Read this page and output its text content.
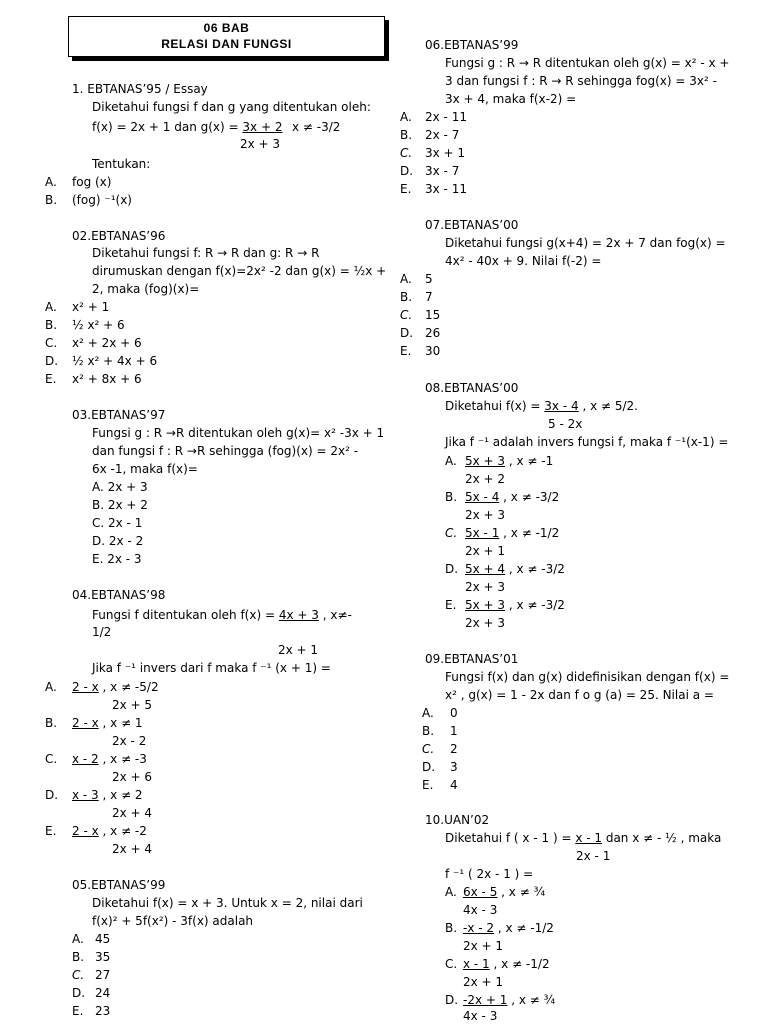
06 BAB
RELASI DAN FUNGSI
1. EBTANAS’95 / Essay
Diketahui fungsi f dan g yang ditentukan oleh:
f(x) = 2x + 1 dan g(x) = 3x + 2 x ≠ -3/2
2x + 3
Tentukan:
A. fog (x)
B. (fog) ⁻¹(x)
02.EBTANAS’96
Diketahui fungsi f: R → R dan g: R → R
dirumuskan dengan f(x)=2x² -2 dan g(x) = ½x +
2, maka (fog)(x)=
A. x² + 1
B. ½ x² + 6
C. x² + 2x + 6
D. ½ x² + 4x + 6
E. x² + 8x + 6
03.EBTANAS’97
Fungsi g : R →R ditentukan oleh g(x)= x² -3x + 1
dan fungsi f : R →R sehingga (fog)(x) = 2x² -
6x -1, maka f(x)=
A. 2x + 3
B. 2x + 2
C. 2x - 1
D. 2x - 2
E. 2x - 3
04.EBTANAS’98
Fungsi f ditentukan oleh f(x) = 4x + 3 , x≠-
1/2
2x + 1
Jika f ⁻¹ invers dari f maka f ⁻¹ (x + 1) =
A. 2 - x , x ≠ -5/2
2x + 5
B. 2 - x , x ≠ 1
2x - 2
C. x - 2 , x ≠ -3
2x + 6
D. x - 3 , x ≠ 2
2x + 4
E. 2 - x , x ≠ -2
2x + 4
05.EBTANAS’99
Diketahui f(x) = x + 3. Untuk x = 2, nilai dari
f(x)² + 5f(x²) - 3f(x) adalah
A. 45
B. 35
C. 27
D. 24
E. 23
06.EBTANAS’99
Fungsi g : R → R ditentukan oleh g(x) = x² - x +
3 dan fungsi f : R → R sehingga fog(x) = 3x² -
3x + 4, maka f(x-2) =
A. 2x - 11
B. 2x - 7
C. 3x + 1
D. 3x - 7
E. 3x - 11
07.EBTANAS’00
Diketahui fungsi g(x+4) = 2x + 7 dan fog(x) =
4x² - 40x + 9. Nilai f(-2) =
A. 5
B. 7
C. 15
D. 26
E. 30
08.EBTANAS’00
Diketahui f(x) = 3x - 4 , x ≠ 5/2.
5 - 2x
Jika f ⁻¹ adalah invers fungsi f, maka f ⁻¹(x-1) =
A. 5x + 3 , x ≠ -1
2x + 2
B. 5x - 4 , x ≠ -3/2
2x + 3
C. 5x - 1 , x ≠ -1/2
2x + 1
D. 5x + 4 , x ≠ -3/2
2x + 3
E. 5x + 3 , x ≠ -3/2
2x + 3
09.EBTANAS’01
Fungsi f(x) dan g(x) didefinisikan dengan f(x) =
x² , g(x) = 1 - 2x dan f o g (a) = 25. Nilai a =
A. 0
B. 1
C. 2
D. 3
E. 4
10.UAN’02
Diketahui f ( x - 1 ) = x - 1 dan x ≠ - ½ , maka
2x - 1
f ⁻¹ ( 2x - 1 ) =
A. 6x - 5 , x ≠ ¾
4x - 3
B. -x - 2 , x ≠ -1/2
2x + 1
C. x - 1 , x ≠ -1/2
2x + 1
D. -2x + 1 , x ≠ ¾
4x - 3
